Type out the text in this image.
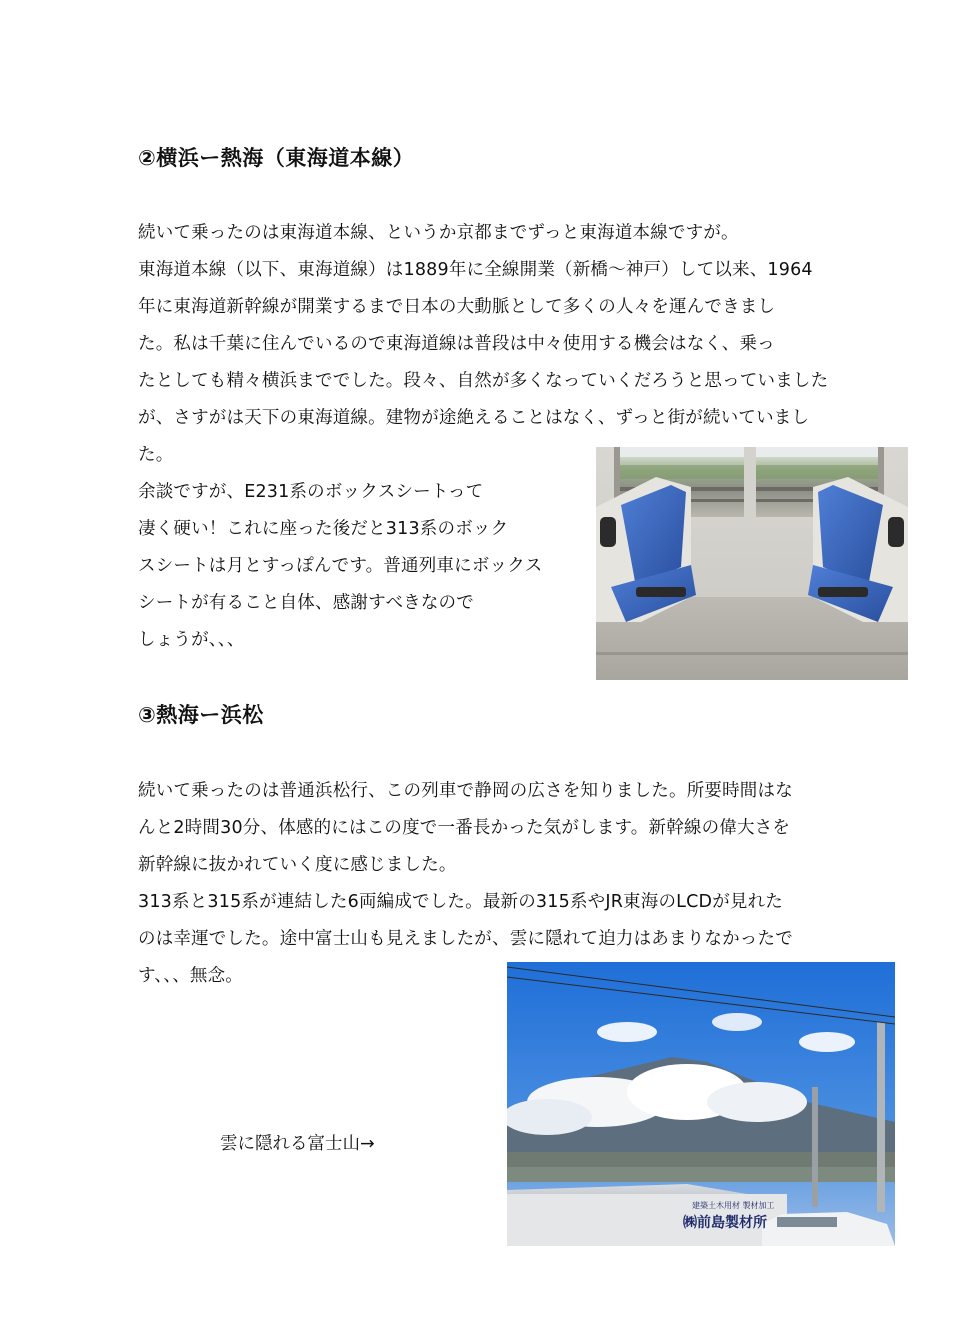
②横浜ー熱海（東海道本線）
続いて乗ったのは東海道本線、というか京都までずっと東海道本線ですが。
東海道本線（以下、東海道線）は1889年に全線開業（新橋〜神戸）して以来、1964
年に東海道新幹線が開業するまで日本の大動脈として多くの人々を運んできまし
た。私は千葉に住んでいるので東海道線は普段は中々使用する機会はなく、乗っ
たとしても精々横浜まででした。段々、自然が多くなっていくだろうと思っていました
が、さすがは天下の東海道線。建物が途絶えることはなく、ずっと街が続いていまし
た。
余談ですが、E231系のボックスシートって
凄く硬い！これに座った後だと313系のボック
スシートは月とすっぽんです。普通列車にボックス
シートが有ること自体、感謝すべきなので
しょうが、、、
③熱海ー浜松
続いて乗ったのは普通浜松行、この列車で静岡の広さを知りました。所要時間はな
んと2時間30分、体感的にはこの度で一番長かった気がします。新幹線の偉大さを
新幹線に抜かれていく度に感じました。
313系と315系が連結した6両編成でした。最新の315系やJR東海のLCDが見れた
のは幸運でした。途中富士山も見えましたが、雲に隠れて迫力はあまりなかったで
す、、、無念。
雲に隠れる富士山→
建築土木用材 製材加工
㈱前島製材所
